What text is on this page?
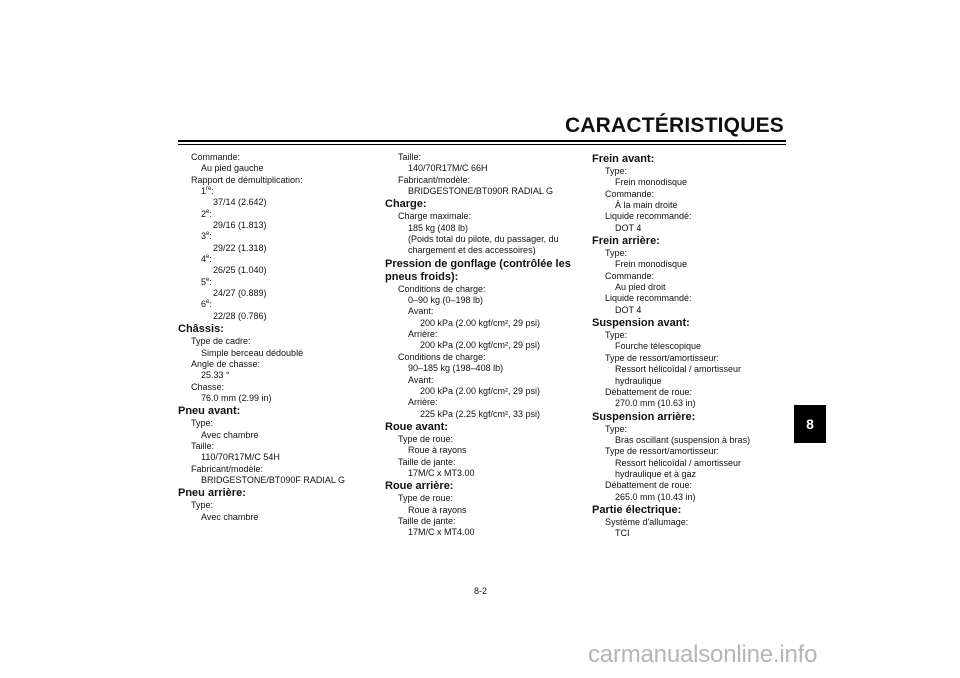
CARACTÉRISTIQUES
8
Commande:
Au pied gauche
Rapport de démultiplication:
1re:
37/14 (2.642)
2e:
29/16 (1.813)
3e:
29/22 (1.318)
4e:
26/25 (1.040)
5e:
24/27 (0.889)
6e:
22/28 (0.786)
Châssis:
Type de cadre:
Simple berceau dédoublé
Angle de chasse:
25.33 °
Chasse:
76.0 mm (2.99 in)
Pneu avant:
Type:
Avec chambre
Taille:
110/70R17M/C 54H
Fabricant/modèle:
BRIDGESTONE/BT090F RADIAL G
Pneu arrière:
Type:
Avec chambre
Taille:
140/70R17M/C 66H
Fabricant/modèle:
BRIDGESTONE/BT090R RADIAL G
Charge:
Charge maximale:
185 kg (408 lb)
(Poids total du pilote, du passager, du
chargement et des accessoires)
Pression de gonflage (contrôlée les pneus froids):
Conditions de charge:
0–90 kg (0–198 lb)
Avant:
200 kPa (2.00 kgf/cm², 29 psi)
Arrière:
200 kPa (2.00 kgf/cm², 29 psi)
Conditions de charge:
90–185 kg (198–408 lb)
Avant:
200 kPa (2.00 kgf/cm², 29 psi)
Arrière:
225 kPa (2.25 kgf/cm², 33 psi)
Roue avant:
Type de roue:
Roue à rayons
Taille de jante:
17M/C x MT3.00
Roue arrière:
Type de roue:
Roue à rayons
Taille de jante:
17M/C x MT4.00
Frein avant:
Type:
Frein monodisque
Commande:
À la main droite
Liquide recommandé:
DOT 4
Frein arrière:
Type:
Frein monodisque
Commande:
Au pied droit
Liquide recommandé:
DOT 4
Suspension avant:
Type:
Fourche télescopique
Type de ressort/amortisseur:
Ressort hélicoïdal / amortisseur
hydraulique
Débattement de roue:
270.0 mm (10.63 in)
Suspension arrière:
Type:
Bras oscillant (suspension à bras)
Type de ressort/amortisseur:
Ressort hélicoïdal / amortisseur
hydraulique et à gaz
Débattement de roue:
265.0 mm (10.43 in)
Partie électrique:
Système d'allumage:
TCI
8-2
carmanualsonline.info
